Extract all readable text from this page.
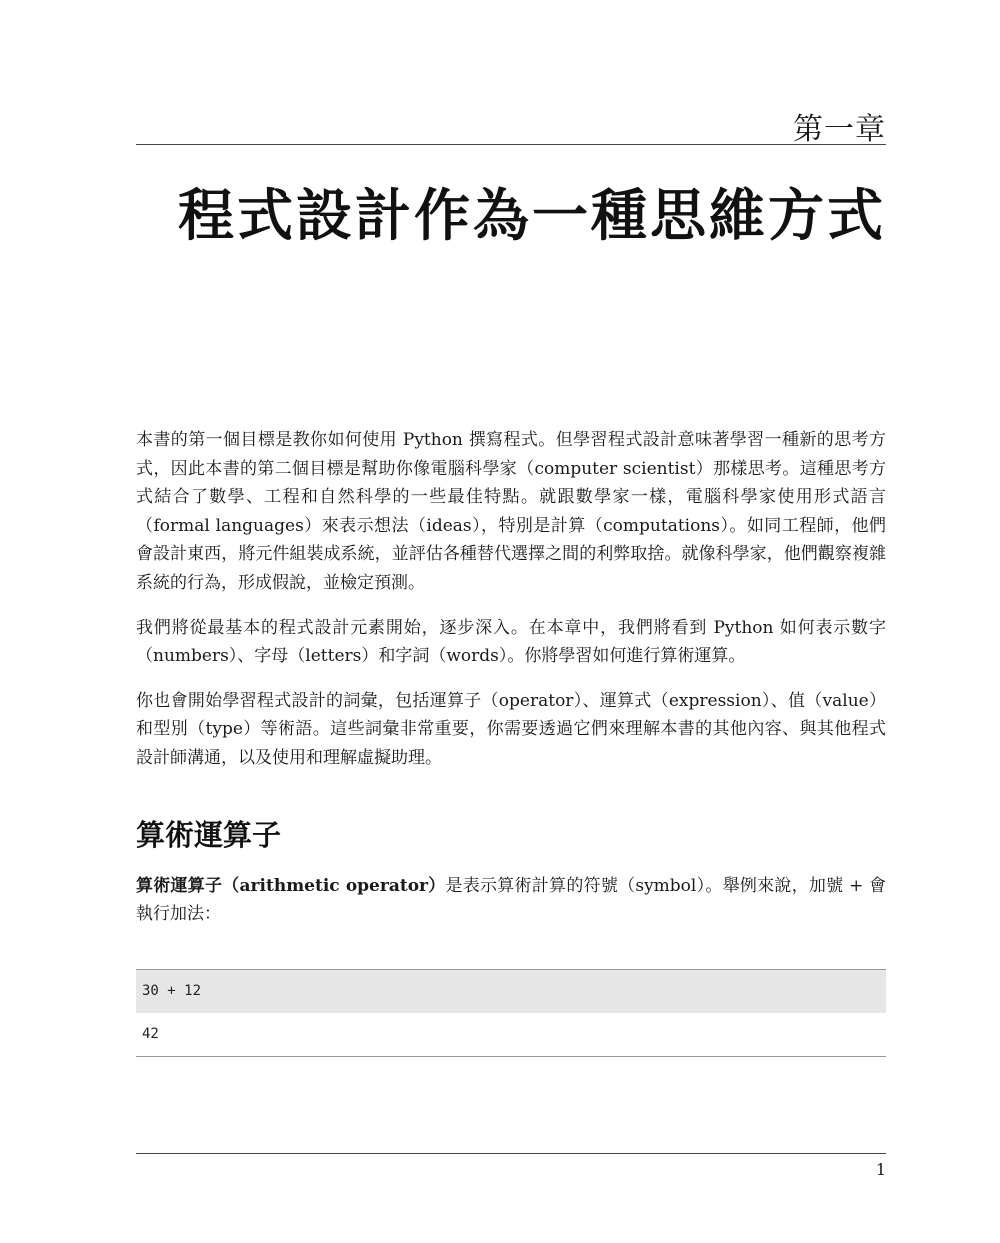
第一章
程式設計作為一種思維方式

本書的第一個目標是教你如何使用 Python 撰寫程式。但學習程式設計意味著學習一種新的思考方式，因此本書的第二個目標是幫助你像電腦科學家（computer scientist）那樣思考。這種思考方式結合了數學、工程和自然科學的一些最佳特點。就跟數學家一樣，電腦科學家使用形式語言（formal languages）來表示想法（ideas），特別是計算（computations）。如同工程師，他們會設計東西，將元件組裝成系統，並評估各種替代選擇之間的利弊取捨。就像科學家，他們觀察複雜系統的行為，形成假說，並檢定預測。

我們將從最基本的程式設計元素開始，逐步深入。在本章中，我們將看到 Python 如何表示數字（numbers）、字母（letters）和字詞（words）。你將學習如何進行算術運算。

你也會開始學習程式設計的詞彙，包括運算子（operator）、運算式（expression）、值（value）和型別（type）等術語。這些詞彙非常重要，你需要透過它們來理解本書的其他內容、與其他程式設計師溝通，以及使用和理解虛擬助理。

算術運算子

算術運算子（arithmetic operator）是表示算術計算的符號（symbol）。舉例來說，加號 + 會執行加法：

30 + 12
42
1
